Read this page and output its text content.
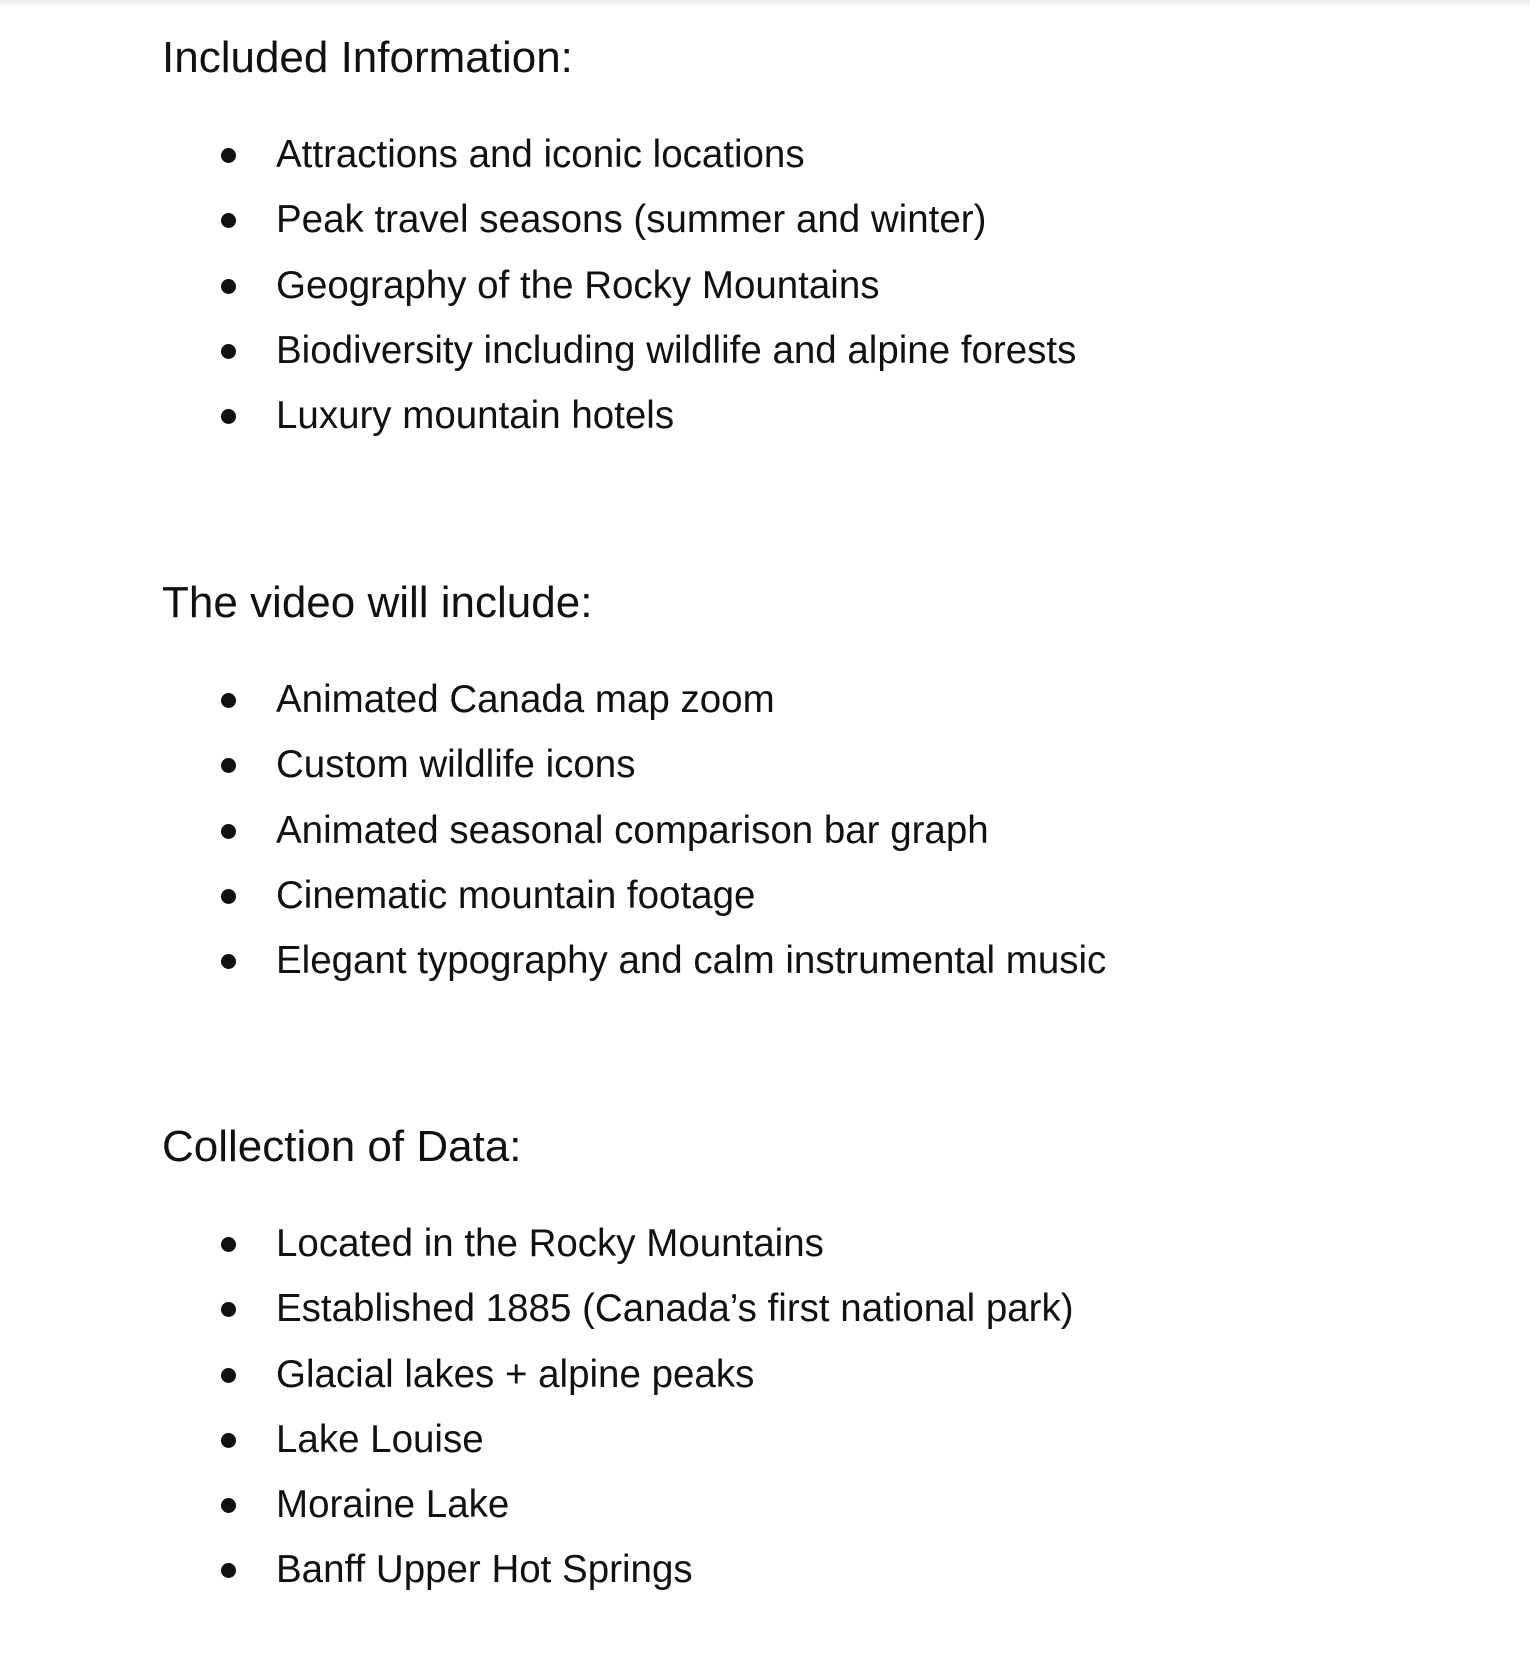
Included Information:
Attractions and iconic locations
Peak travel seasons (summer and winter)
Geography of the Rocky Mountains
Biodiversity including wildlife and alpine forests
Luxury mountain hotels
The video will include:
Animated Canada map zoom
Custom wildlife icons
Animated seasonal comparison bar graph
Cinematic mountain footage
Elegant typography and calm instrumental music
Collection of Data:
Located in the Rocky Mountains
Established 1885 (Canada’s first national park)
Glacial lakes + alpine peaks
Lake Louise
Moraine Lake
Banff Upper Hot Springs
